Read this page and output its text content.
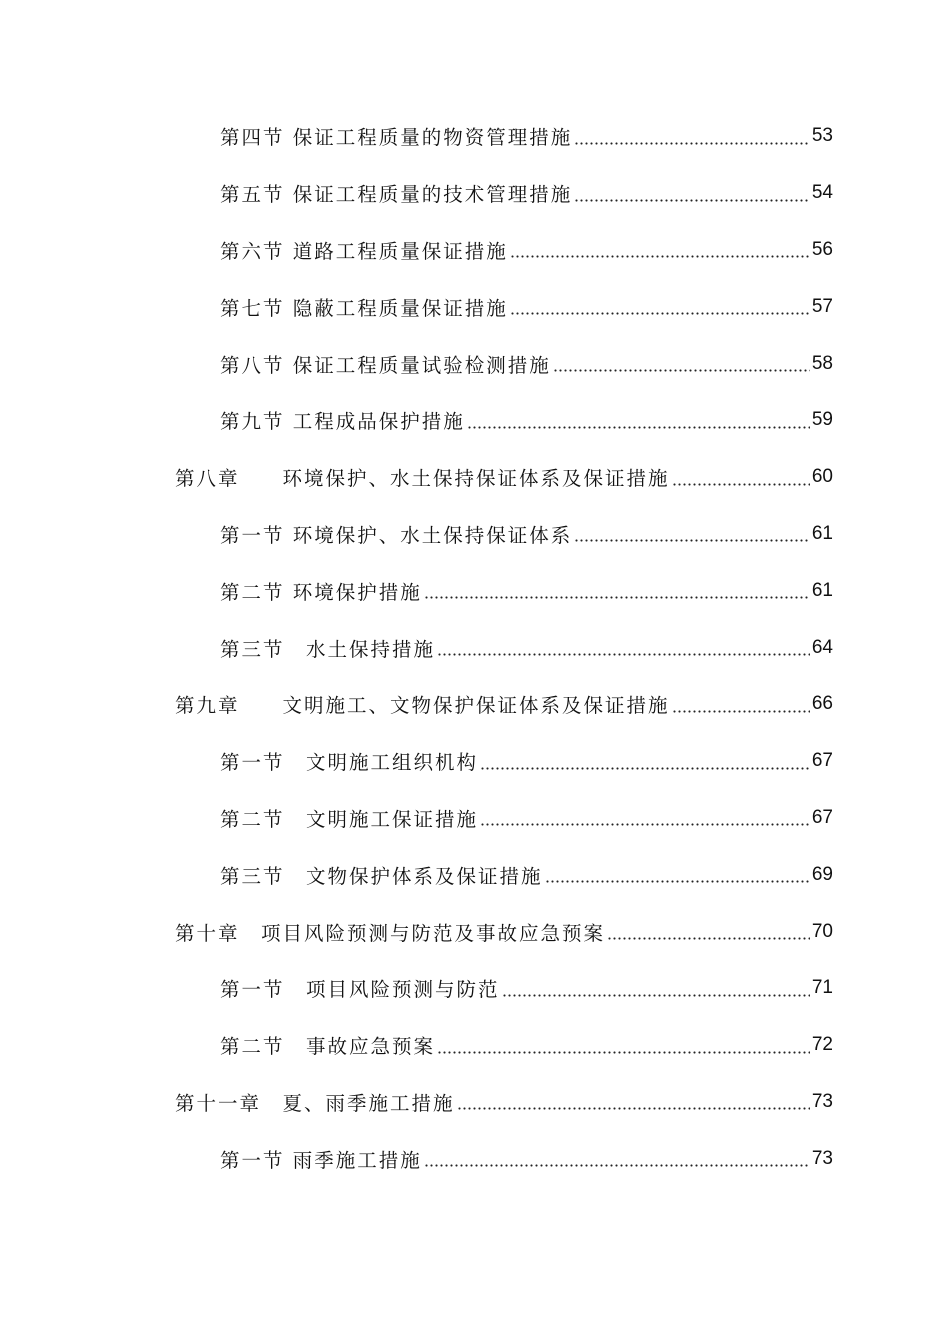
第四节 保证工程质量的物资管理措施	53
第五节 保证工程质量的技术管理措施	54
第六节 道路工程质量保证措施	56
第七节 隐蔽工程质量保证措施	57
第八节 保证工程质量试验检测措施	58
第九节 工程成品保护措施	59
第八章　　环境保护、水土保持保证体系及保证措施	60
第一节 环境保护、水土保持保证体系	61
第二节 环境保护措施	61
第三节　水土保持措施	64
第九章　　文明施工、文物保护保证体系及保证措施	66
第一节　文明施工组织机构	67
第二节　文明施工保证措施	67
第三节　文物保护体系及保证措施	69
第十章　项目风险预测与防范及事故应急预案	70
第一节　项目风险预测与防范	71
第二节　事故应急预案	72
第十一章　夏、雨季施工措施	73
第一节 雨季施工措施	73
